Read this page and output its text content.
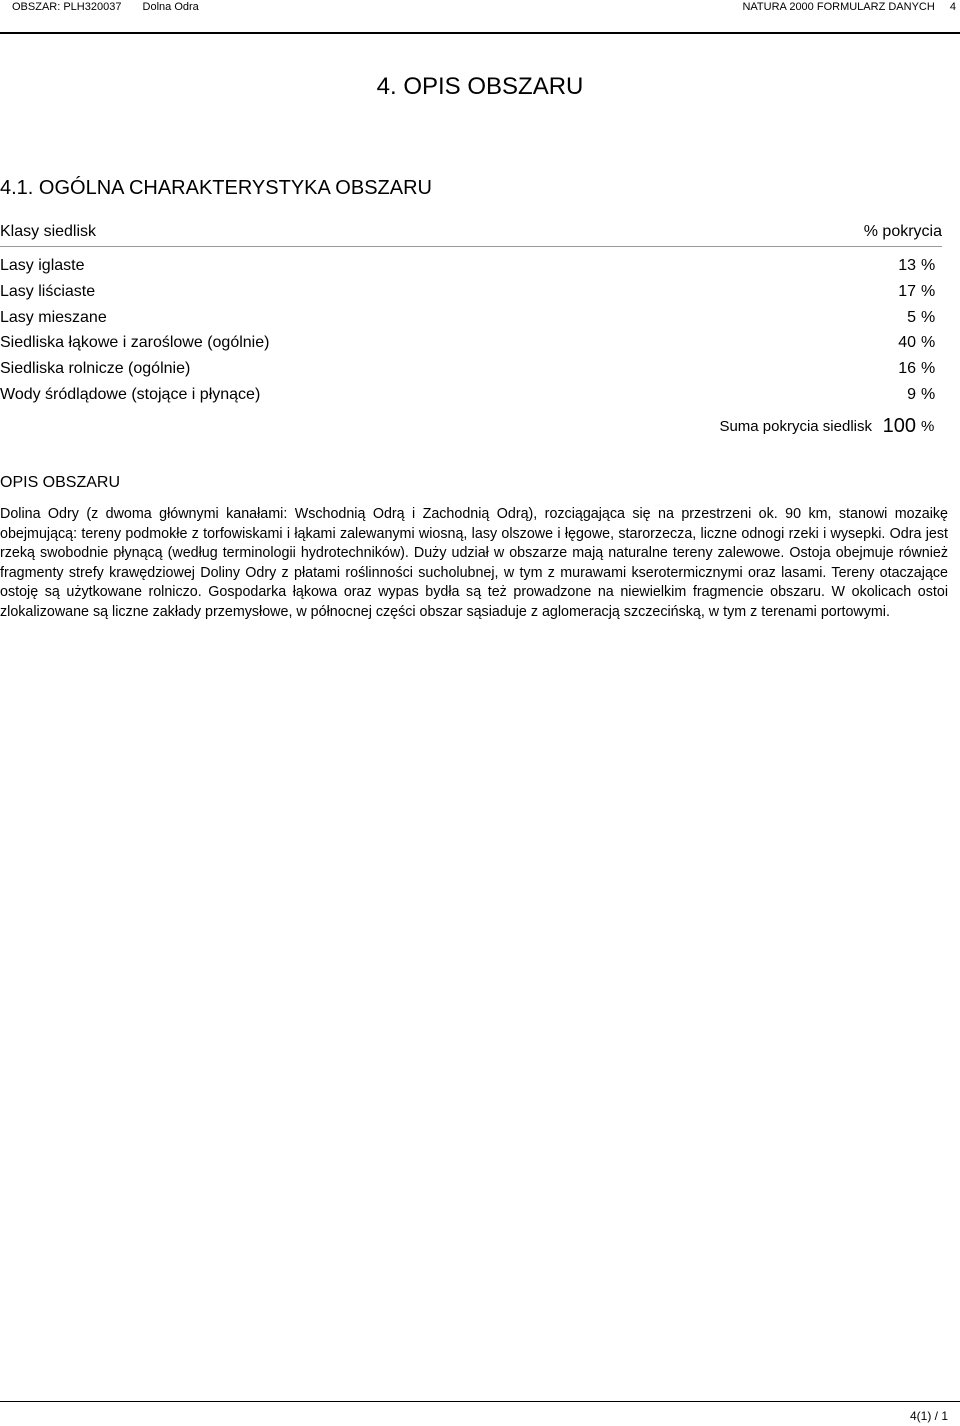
OBSZAR: PLH320037 Dolna Odra	NATURA 2000 FORMULARZ DANYCH 4
4. OPIS OBSZARU
4.1. OGÓLNA CHARAKTERYSTYKA OBSZARU
Klasy siedlisk	% pokrycia
Lasy iglaste	13 %
Lasy liściaste	17 %
Lasy mieszane	5 %
Siedliska łąkowe i zaroślowe (ogólnie)	40 %
Siedliska rolnicze (ogólnie)	16 %
Wody śródlądowe (stojące i płynące)	9 %
Suma pokrycia siedlisk 100 %
OPIS OBSZARU
Dolina Odry (z dwoma głównymi kanałami: Wschodnią Odrą i Zachodnią Odrą), rozciągająca się na przestrzeni ok. 90 km, stanowi mozaikę obejmującą: tereny podmokłe z torfowiskami i łąkami zalewanymi wiosną, lasy olszowe i łęgowe, starorzecza, liczne odnogi rzeki i wysepki. Odra jest rzeką swobodnie płynącą (według terminologii hydrotechników). Duży udział w obszarze mają naturalne tereny zalewowe. Ostoja obejmuje również fragmenty strefy krawędziowej Doliny Odry z płatami roślinności sucholubnej, w tym z murawami kserotermicznymi oraz lasami. Tereny otaczające ostoję są użytkowane rolniczo. Gospodarka łąkowa oraz wypas bydła są też prowadzone na niewielkim fragmencie obszaru. W okolicach ostoi zlokalizowane są liczne zakłady przemysłowe, w północnej części obszar sąsiaduje z aglomeracją szczecińską, w tym z terenami portowymi.
4(1) / 1
